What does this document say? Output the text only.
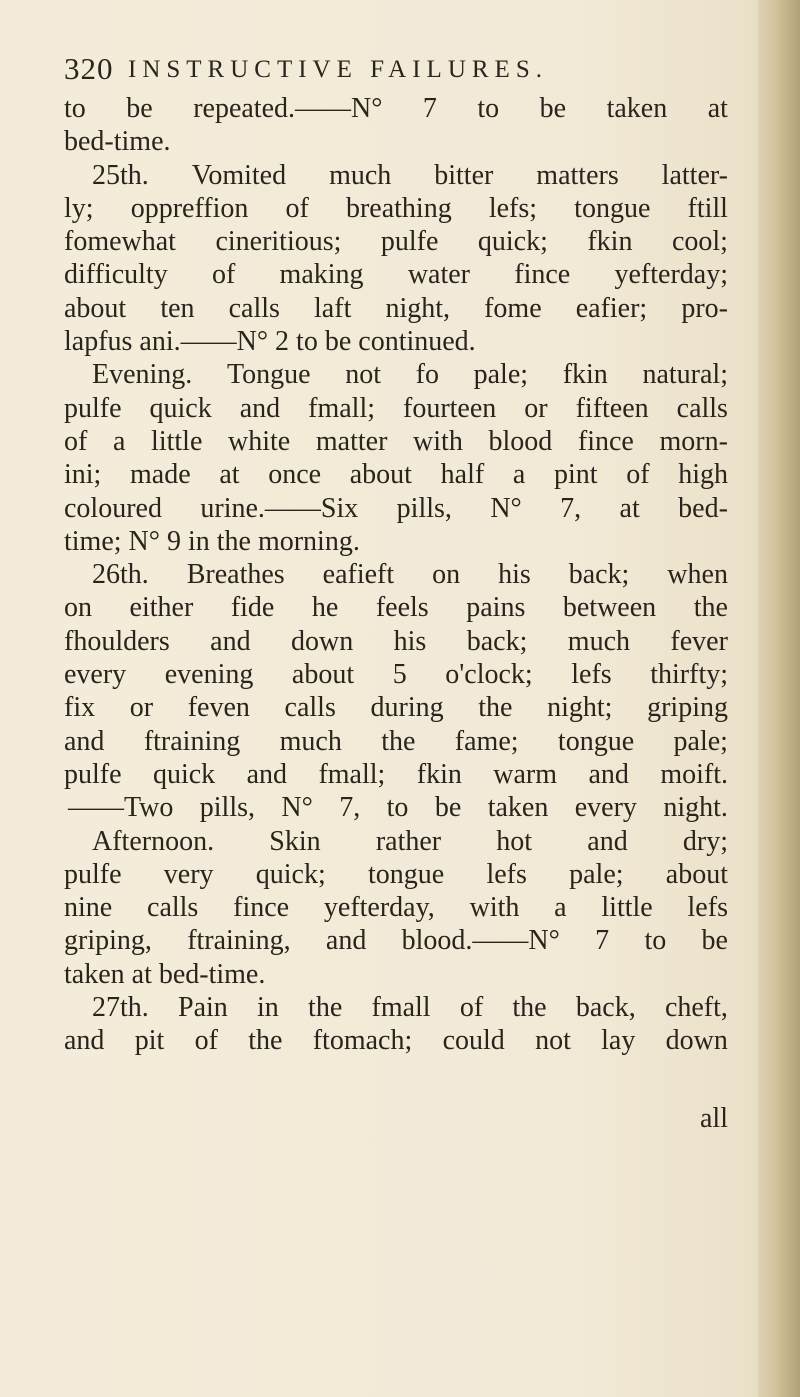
320 INSTRUCTIVE FAILURES.
to be repeated.——N° 7 to be taken at
bed-time.
25th. Vomited much bitter matters latter-
ly; oppreffion of breathing lefs; tongue ftill
fomewhat cineritious; pulfe quick; fkin cool;
difficulty of making water fince yefterday;
about ten calls laft night, fome eafier; pro-
lapfus ani.——N° 2 to be continued.
Evening. Tongue not fo pale; fkin natural;
pulfe quick and fmall; fourteen or fifteen calls
of a little white matter with blood fince morn-
ini; made at once about half a pint of high
coloured urine.——Six pills, N° 7, at bed-
time; N° 9 in the morning.
26th. Breathes eafieft on his back; when
on either fide he feels pains between the
fhoulders and down his back; much fever
every evening about 5 o'clock; lefs thirfty;
fix or feven calls during the night; griping
and ftraining much the fame; tongue pale;
pulfe quick and fmall; fkin warm and moift.
——Two pills, N° 7, to be taken every night.
Afternoon. Skin rather hot and dry;
pulfe very quick; tongue lefs pale; about
nine calls fince yefterday, with a little lefs
griping, ftraining, and blood.——N° 7 to be
taken at bed-time.
27th. Pain in the fmall of the back, cheft,
and pit of the ftomach; could not lay down
all
